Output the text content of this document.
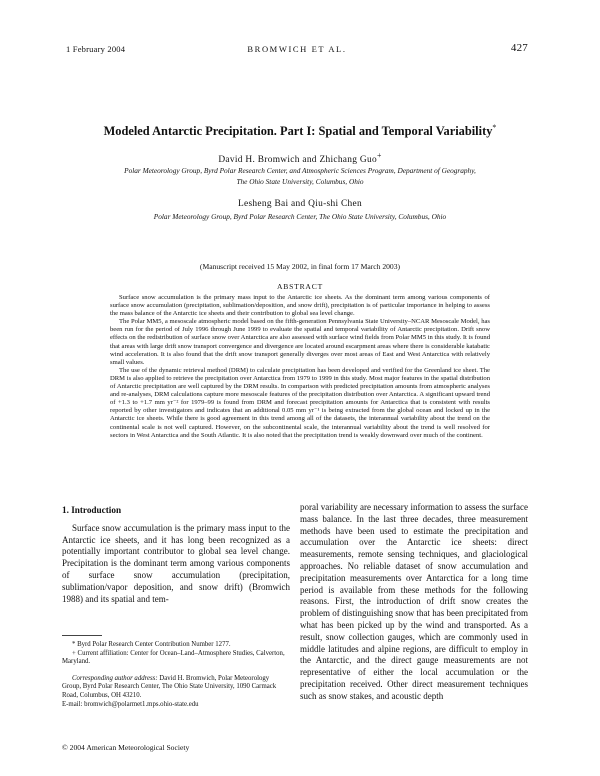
1 February 2004	BROMWICH ET AL.	427
Modeled Antarctic Precipitation. Part I: Spatial and Temporal Variability*
David H. Bromwich and Zhichang Guo+
Polar Meteorology Group, Byrd Polar Research Center, and Atmospheric Sciences Program, Department of Geography,
The Ohio State University, Columbus, Ohio
Lesheng Bai and Qiu-shi Chen
Polar Meteorology Group, Byrd Polar Research Center, The Ohio State University, Columbus, Ohio
(Manuscript received 15 May 2002, in final form 17 March 2003)
ABSTRACT

Surface snow accumulation is the primary mass input to the Antarctic ice sheets. As the dominant term among various components of surface snow accumulation (precipitation, sublimation/deposition, and snow drift), precipitation is of particular importance in helping to assess the mass balance of the Antarctic ice sheets and their contribution to global sea level change.

The Polar MM5, a mesoscale atmospheric model based on the fifth-generation Pennsylvania State University–NCAR Mesoscale Model, has been run for the period of July 1996 through June 1999 to evaluate the spatial and temporal variability of Antarctic precipitation. Drift snow effects on the redistribution of surface snow over Antarctica are also assessed with surface wind fields from Polar MM5 in this study. It is found that areas with large drift snow transport convergence and divergence are located around escarpment areas where there is considerable katabatic wind acceleration. It is also found that the drift snow transport generally diverges over most areas of East and West Antarctica with relatively small values.

The use of the dynamic retrieval method (DRM) to calculate precipitation has been developed and verified for the Greenland ice sheet. The DRM is also applied to retrieve the precipitation over Antarctica from 1979 to 1999 in this study. Most major features in the spatial distribution of Antarctic precipitation are well captured by the DRM results. In comparison with predicted precipitation amounts from atmospheric analyses and re-analyses, DRM calculations capture more mesoscale features of the precipitation distribution over Antarctica. A significant upward trend of +1.3 to +1.7 mm yr⁻² for 1979–99 is found from DRM and forecast precipitation amounts for Antarctica that is consistent with results reported by other investigators and indicates that an additional 0.05 mm yr⁻¹ is being extracted from the global ocean and locked up in the Antarctic ice sheets. While there is good agreement in this trend among all of the datasets, the interannual variability about the trend on the continental scale is not well captured. However, on the subcontinental scale, the interannual variability about the trend is well resolved for sectors in West Antarctica and the South Atlantic. It is also noted that the precipitation trend is weakly downward over much of the continent.

1. Introduction

Surface snow accumulation is the primary mass input to the Antarctic ice sheets, and it has long been recognized as a potentially important contributor to global sea level change. Precipitation is the dominant term among various components of surface snow accumulation (precipitation, sublimation/vapor deposition, and snow drift) (Bromwich 1988) and its spatial and tem-

poral variability are necessary information to assess the surface mass balance. In the last three decades, three measurement methods have been used to estimate the precipitation and accumulation over the Antarctic ice sheets: direct measurements, remote sensing techniques, and glaciological approaches. No reliable dataset of snow accumulation and precipitation measurements over Antarctica for a long time period is available from these methods for the following reasons. First, the introduction of drift snow creates the problem of distinguishing snow that has been precipitated from what has been picked up by the wind and transported. As a result, snow collection gauges, which are commonly used in middle latitudes and alpine regions, are difficult to employ in the Antarctic, and the direct gauge measurements are not representative of either the local accumulation or the precipitation received. Other direct measurement techniques such as snow stakes, and acoustic depth

* Byrd Polar Research Center Contribution Number 1277.

+ Current affiliation: Center for Ocean–Land–Atmosphere Studies, Calverton, Maryland.

Corresponding author address: David H. Bromwich, Polar Meteorology Group, Byrd Polar Research Center, The Ohio State University, 1090 Carmack Road, Columbus, OH 43210.

E-mail: bromwich@polarmet1.mps.ohio-state.edu

© 2004 American Meteorological Society
